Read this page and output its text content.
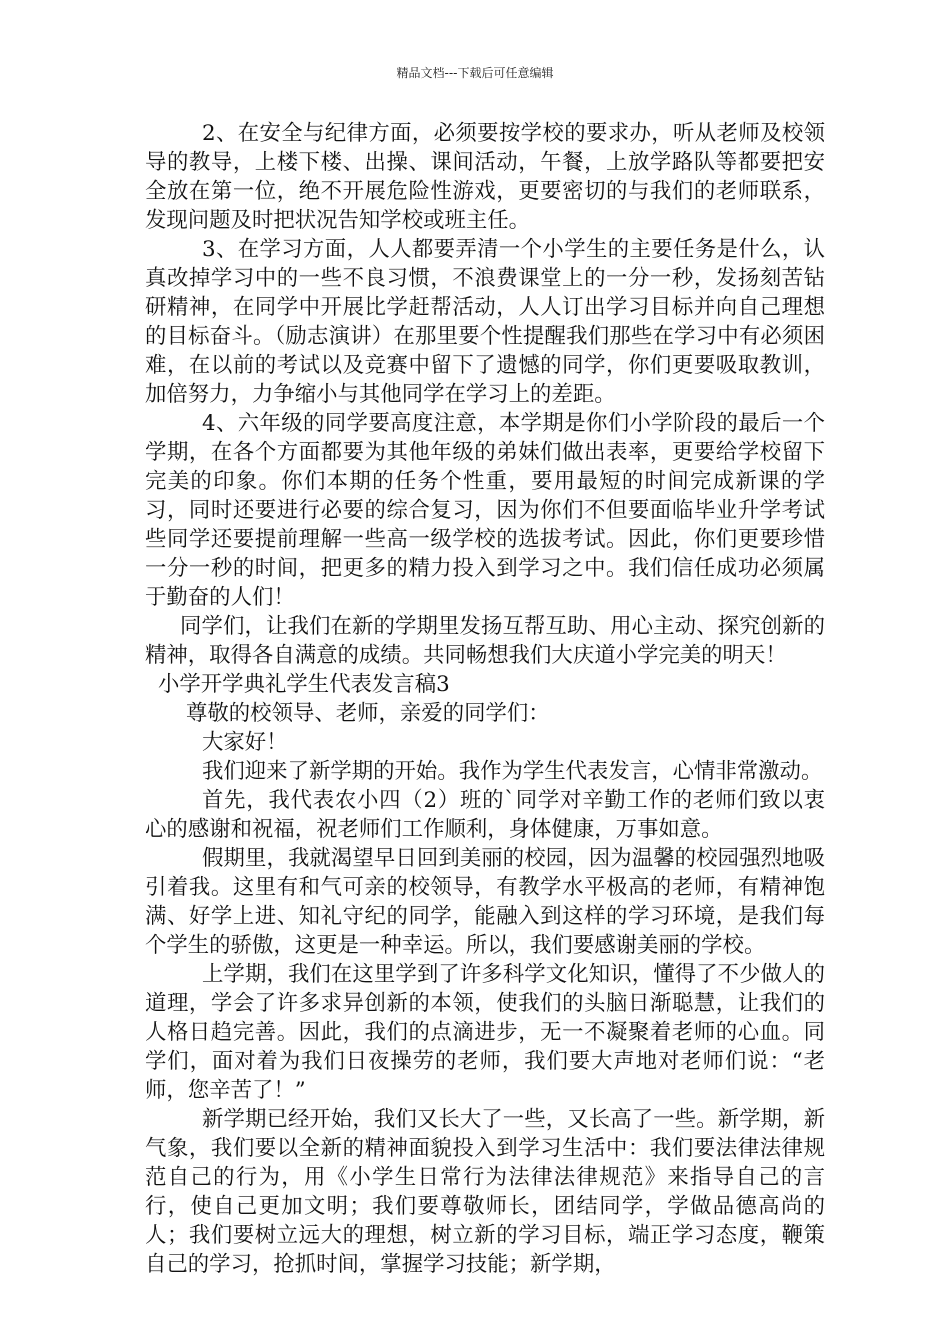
精品文档---下载后可任意编辑

2、在安全与纪律方面，必须要按学校的要求办，听从老师及校领导的教导，上楼下楼、出操、课间活动，午餐，上放学路队等都要把安全放在第一位，绝不开展危险性游戏，更要密切的与我们的老师联系，发现问题及时把状况告知学校或班主任。

3、在学习方面，人人都要弄清一个小学生的主要任务是什么，认真改掉学习中的一些不良习惯，不浪费课堂上的一分一秒，发扬刻苦钻研精神，在同学中开展比学赶帮活动，人人订出学习目标并向自己理想的目标奋斗。（励志演讲）在那里要个性提醒我们那些在学习中有必须困难，在以前的考试以及竞赛中留下了遗憾的同学，你们更要吸取教训，加倍努力，力争缩小与其他同学在学习上的差距。

4、六年级的同学要高度注意，本学期是你们小学阶段的最后一个学期，在各个方面都要为其他年级的弟妹们做出表率，更要给学校留下完美的印象。你们本期的任务个性重，要用最短的时间完成新课的学习，同时还要进行必要的综合复习，因为你们不但要面临毕业升学考试些同学还要提前理解一些高一级学校的选拔考试。因此，你们更要珍惜一分一秒的时间，把更多的精力投入到学习之中。我们信任成功必须属于勤奋的人们！

同学们，让我们在新的学期里发扬互帮互助、用心主动、探究创新的精神，取得各自满意的成绩。共同畅想我们大庆道小学完美的明天！

小学开学典礼学生代表发言稿3

尊敬的校领导、老师，亲爱的同学们：

大家好！

我们迎来了新学期的开始。我作为学生代表发言，心情非常激动。

首先，我代表农小四（2）班的`同学对辛勤工作的老师们致以衷心的感谢和祝福，祝老师们工作顺利，身体健康，万事如意。

假期里，我就渴望早日回到美丽的校园，因为温馨的校园强烈地吸引着我。这里有和气可亲的校领导，有教学水平极高的老师，有精神饱满、好学上进、知礼守纪的同学，能融入到这样的学习环境，是我们每个学生的骄傲，这更是一种幸运。所以，我们要感谢美丽的学校。

上学期，我们在这里学到了许多科学文化知识，懂得了不少做人的道理，学会了许多求异创新的本领，使我们的头脑日渐聪慧，让我们的人格日趋完善。因此，我们的点滴进步，无一不凝聚着老师的心血。同学们，面对着为我们日夜操劳的老师，我们要大声地对老师们说：“老师，您辛苦了！”

新学期已经开始，我们又长大了一些，又长高了一些。新学期，新气象，我们要以全新的精神面貌投入到学习生活中：我们要法律法律规范自己的行为，用《小学生日常行为法律法律规范》来指导自己的言行，使自己更加文明；我们要尊敬师长，团结同学，学做品德高尚的人；我们要树立远大的理想，树立新的学习目标，端正学习态度，鞭策自己的学习，抢抓时间，掌握学习技能；新学期，
